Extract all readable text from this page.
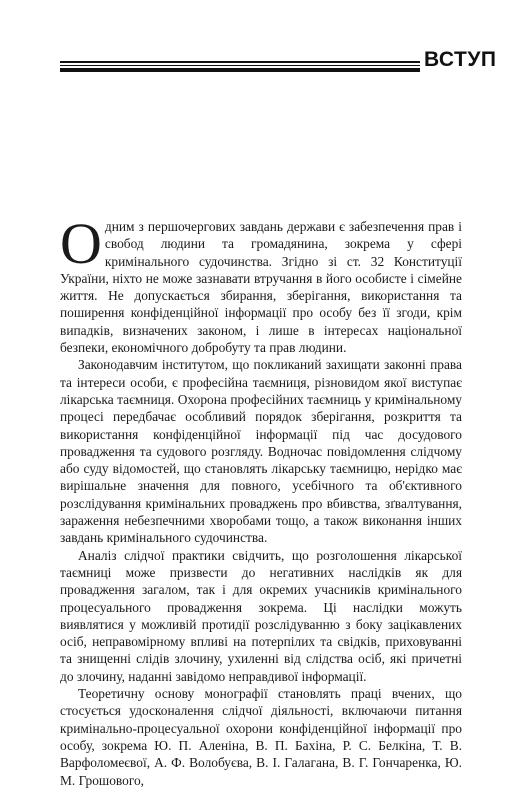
ВСТУП

Одним з першочергових завдань держави є забезпечення прав і свобод людини та громадянина, зокрема у сфері кримінального судочинства. Згідно зі ст. 32 Конституції України, ніхто не може зазнавати втручання в його особисте і сімейне життя. Не допускається збирання, зберігання, використання та поширення конфіденційної інформації про особу без її згоди, крім випадків, визначених законом, і лише в інтересах національної безпеки, економічного добробуту та прав людини.

Законодавчим інститутом, що покликаний захищати законні права та інтереси особи, є професійна таємниця, різновидом якої виступає лікарська таємниця. Охорона професійних таємниць у кримінальному процесі передбачає особливий порядок зберігання, розкриття та використання конфіденційної інформації під час досудового провадження та судового розгляду. Водночас повідомлення слідчому або суду відомостей, що становлять лікарську таємницю, нерідко має вирішальне значення для повного, усебічного та об'єктивного розслідування кримінальних проваджень про вбивства, зґвалтування, зараження небезпечними хворобами тощо, а також виконання інших завдань кримінального судочинства.

Аналіз слідчої практики свідчить, що розголошення лікарської таємниці може призвести до негативних наслідків як для провадження загалом, так і для окремих учасників кримінального процесуального провадження зокрема. Ці наслідки можуть виявлятися у можливій протидії розслідуванню з боку зацікавлених осіб, неправомірному впливі на потерпілих та свідків, приховуванні та знищенні слідів злочину, ухиленні від слідства осіб, які причетні до злочину, наданні завідомо неправдивої інформації.

Теоретичну основу монографії становлять праці вчених, що стосується удосконалення слідчої діяльності, включаючи питання кримінально-процесуальної охорони конфіденційної інформації про особу, зокрема Ю. П. Аленіна, В. П. Бахіна, Р. С. Белкіна, Т. В. Варфоломеєвої, А. Ф. Волобуєва, В. І. Галагана, В. Г. Гончаренка, Ю. М. Грошового,
